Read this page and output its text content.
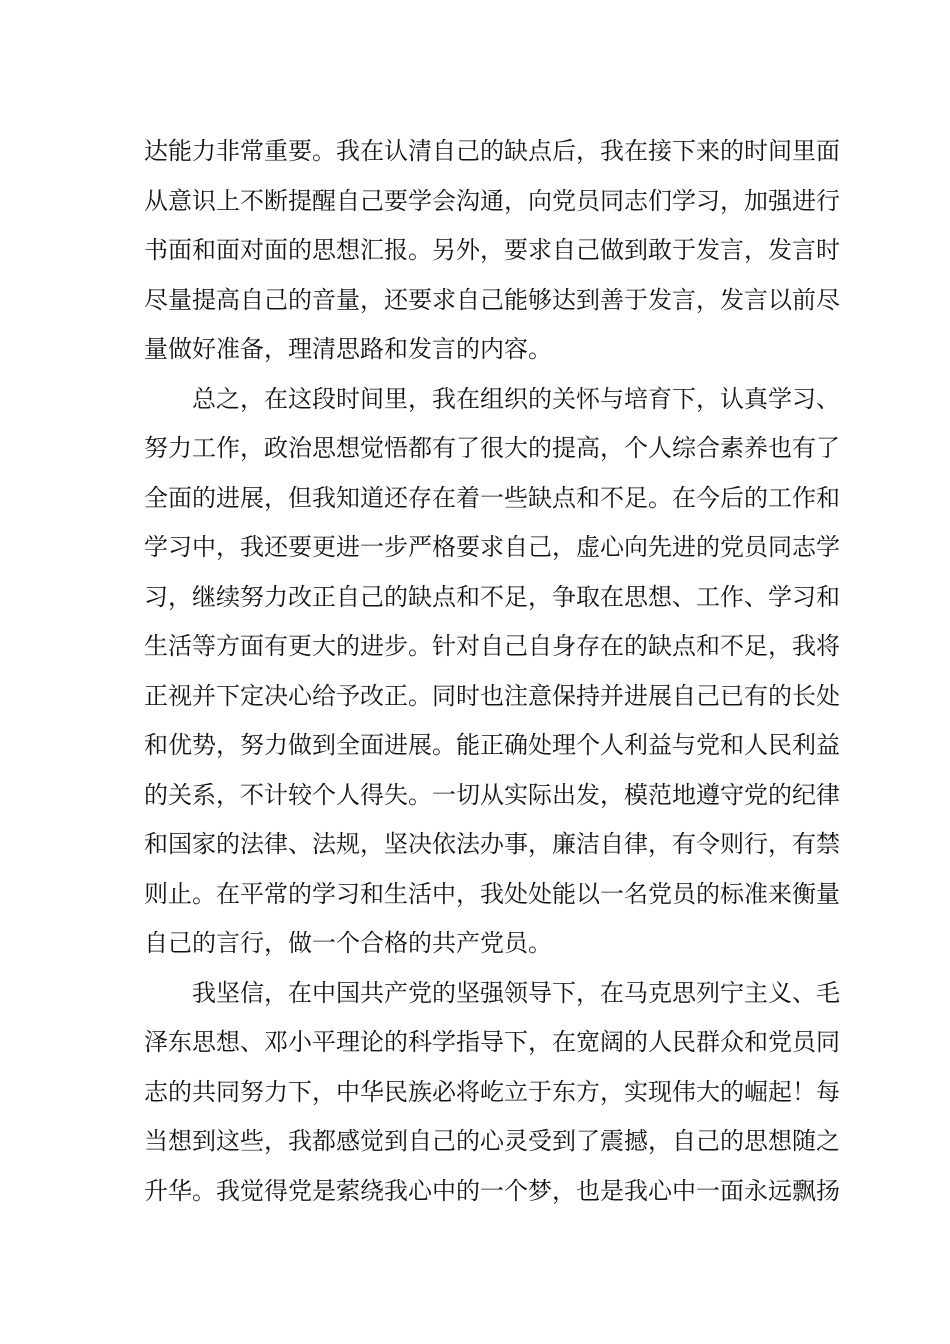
达能力非常重要。我在认清自己的缺点后，我在接下来的时间里面
从意识上不断提醒自己要学会沟通，向党员同志们学习，加强进行
书面和面对面的思想汇报。另外，要求自己做到敢于发言，发言时
尽量提高自己的音量，还要求自己能够达到善于发言，发言以前尽
量做好准备，理清思路和发言的内容。
总之，在这段时间里，我在组织的关怀与培育下，认真学习、
努力工作，政治思想觉悟都有了很大的提高，个人综合素养也有了
全面的进展，但我知道还存在着一些缺点和不足。在今后的工作和
学习中，我还要更进一步严格要求自己，虚心向先进的党员同志学
习，继续努力改正自己的缺点和不足，争取在思想、工作、学习和
生活等方面有更大的进步。针对自己自身存在的缺点和不足，我将
正视并下定决心给予改正。同时也注意保持并进展自己已有的长处
和优势，努力做到全面进展。能正确处理个人利益与党和人民利益
的关系，不计较个人得失。一切从实际出发，模范地遵守党的纪律
和国家的法律、法规，坚决依法办事，廉洁自律，有令则行，有禁
则止。在平常的学习和生活中，我处处能以一名党员的标准来衡量
自己的言行，做一个合格的共产党员。
我坚信，在中国共产党的坚强领导下，在马克思列宁主义、毛
泽东思想、邓小平理论的科学指导下，在宽阔的人民群众和党员同
志的共同努力下，中华民族必将屹立于东方，实现伟大的崛起！每
当想到这些，我都感觉到自己的心灵受到了震撼，自己的思想随之
升华。我觉得党是萦绕我心中的一个梦，也是我心中一面永远飘扬
